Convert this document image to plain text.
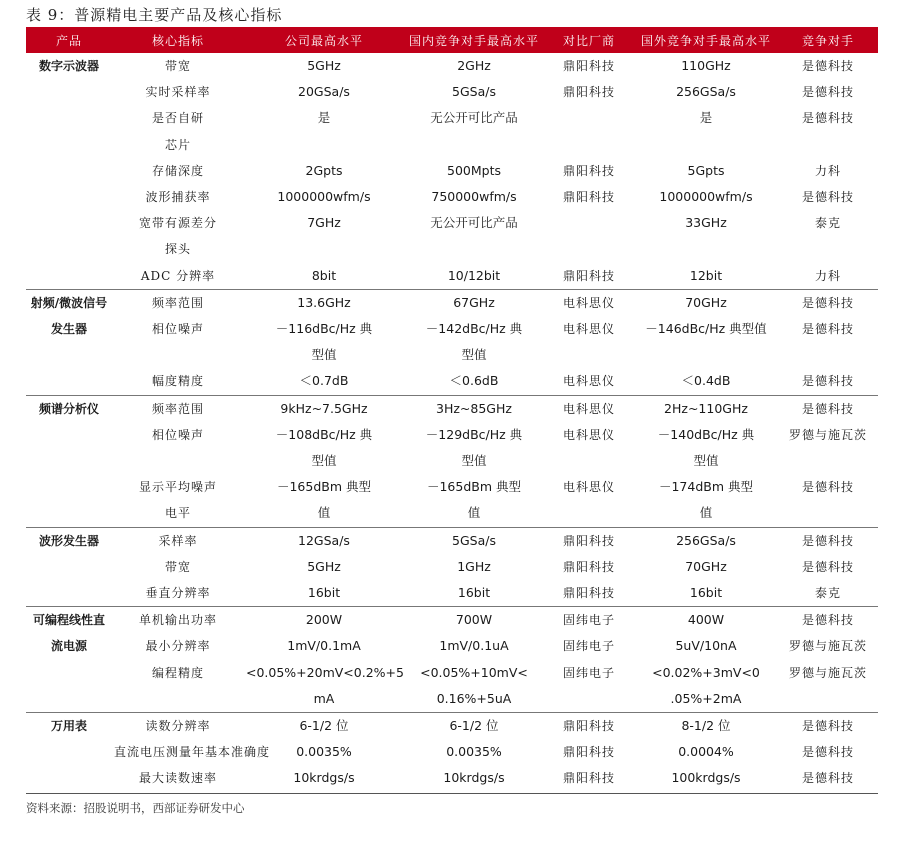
表 9：普源精电主要产品及核心指标
产品	核心指标	公司最高水平	国内竞争对手最高水平	对比厂商	国外竞争对手最高水平	竞争对手
数字示波器	带宽	5GHz	2GHz	鼎阳科技	110GHz	是德科技
	实时采样率	20GSa/s	5GSa/s	鼎阳科技	256GSa/s	是德科技
	是否自研	是	无公开可比产品		是	是德科技
	芯片					
	存储深度	2Gpts	500Mpts	鼎阳科技	5Gpts	力科
	波形捕获率	1000000wfm/s	750000wfm/s	鼎阳科技	1000000wfm/s	是德科技
	宽带有源差分	7GHz	无公开可比产品		33GHz	泰克
	探头					
	ADC 分辨率	8bit	10/12bit	鼎阳科技	12bit	力科
射频/微波信号	频率范围	13.6GHz	67GHz	电科思仪	70GHz	是德科技
发生器	相位噪声	－116dBc/Hz 典	－142dBc/Hz 典	电科思仪	－146dBc/Hz 典型值	是德科技
		型值	型值			
	幅度精度	＜0.7dB	＜0.6dB	电科思仪	＜0.4dB	是德科技
频谱分析仪	频率范围	9kHz~7.5GHz	3Hz~85GHz	电科思仪	2Hz~110GHz	是德科技
	相位噪声	－108dBc/Hz 典	－129dBc/Hz 典	电科思仪	－140dBc/Hz 典	罗德与施瓦茨
		型值	型值		型值	
	显示平均噪声	－165dBm 典型	－165dBm 典型	电科思仪	－174dBm 典型	是德科技
	电平	值	值		值	
波形发生器	采样率	12GSa/s	5GSa/s	鼎阳科技	256GSa/s	是德科技
	带宽	5GHz	1GHz	鼎阳科技	70GHz	是德科技
	垂直分辨率	16bit	16bit	鼎阳科技	16bit	泰克
可编程线性直	单机输出功率	200W	700W	固纬电子	400W	是德科技
流电源	最小分辨率	1mV/0.1mA	1mV/0.1uA	固纬电子	5uV/10nA	罗德与施瓦茨
	编程精度	<0.05%+20mV<0.2%+5	<0.05%+10mV<	固纬电子	<0.02%+3mV<0	罗德与施瓦茨
		mA	0.16%+5uA		.05%+2mA	
万用表	读数分辨率	6-1/2 位	6-1/2 位	鼎阳科技	8-1/2 位	是德科技
	直流电压测量年基本准确度	0.0035%	0.0035%	鼎阳科技	0.0004%	是德科技
	最大读数速率	10krdgs/s	10krdgs/s	鼎阳科技	100krdgs/s	是德科技
资料来源：招股说明书，西部证券研发中心
